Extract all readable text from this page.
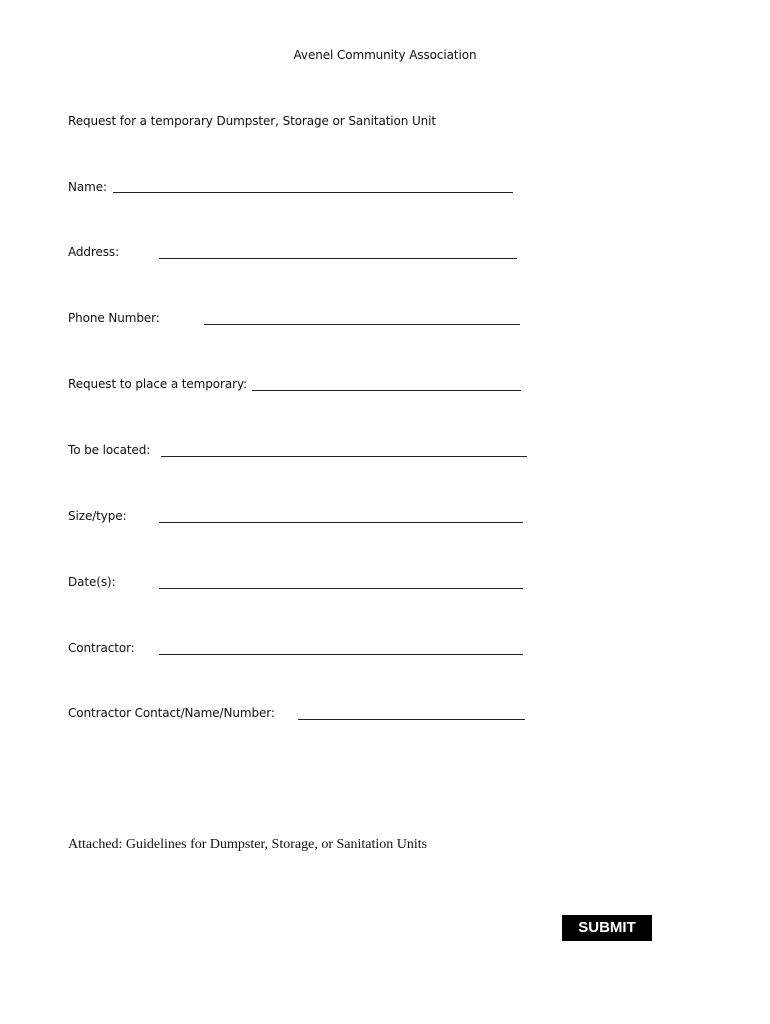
Avenel Community Association
Request for a temporary Dumpster, Storage or Sanitation Unit
Name:
Address:
Phone Number:
Request to place a temporary:
To be located:
Size/type:
Date(s):
Contractor:
Contractor Contact/Name/Number:
Attached: Guidelines for Dumpster, Storage, or Sanitation Units
SUBMIT
